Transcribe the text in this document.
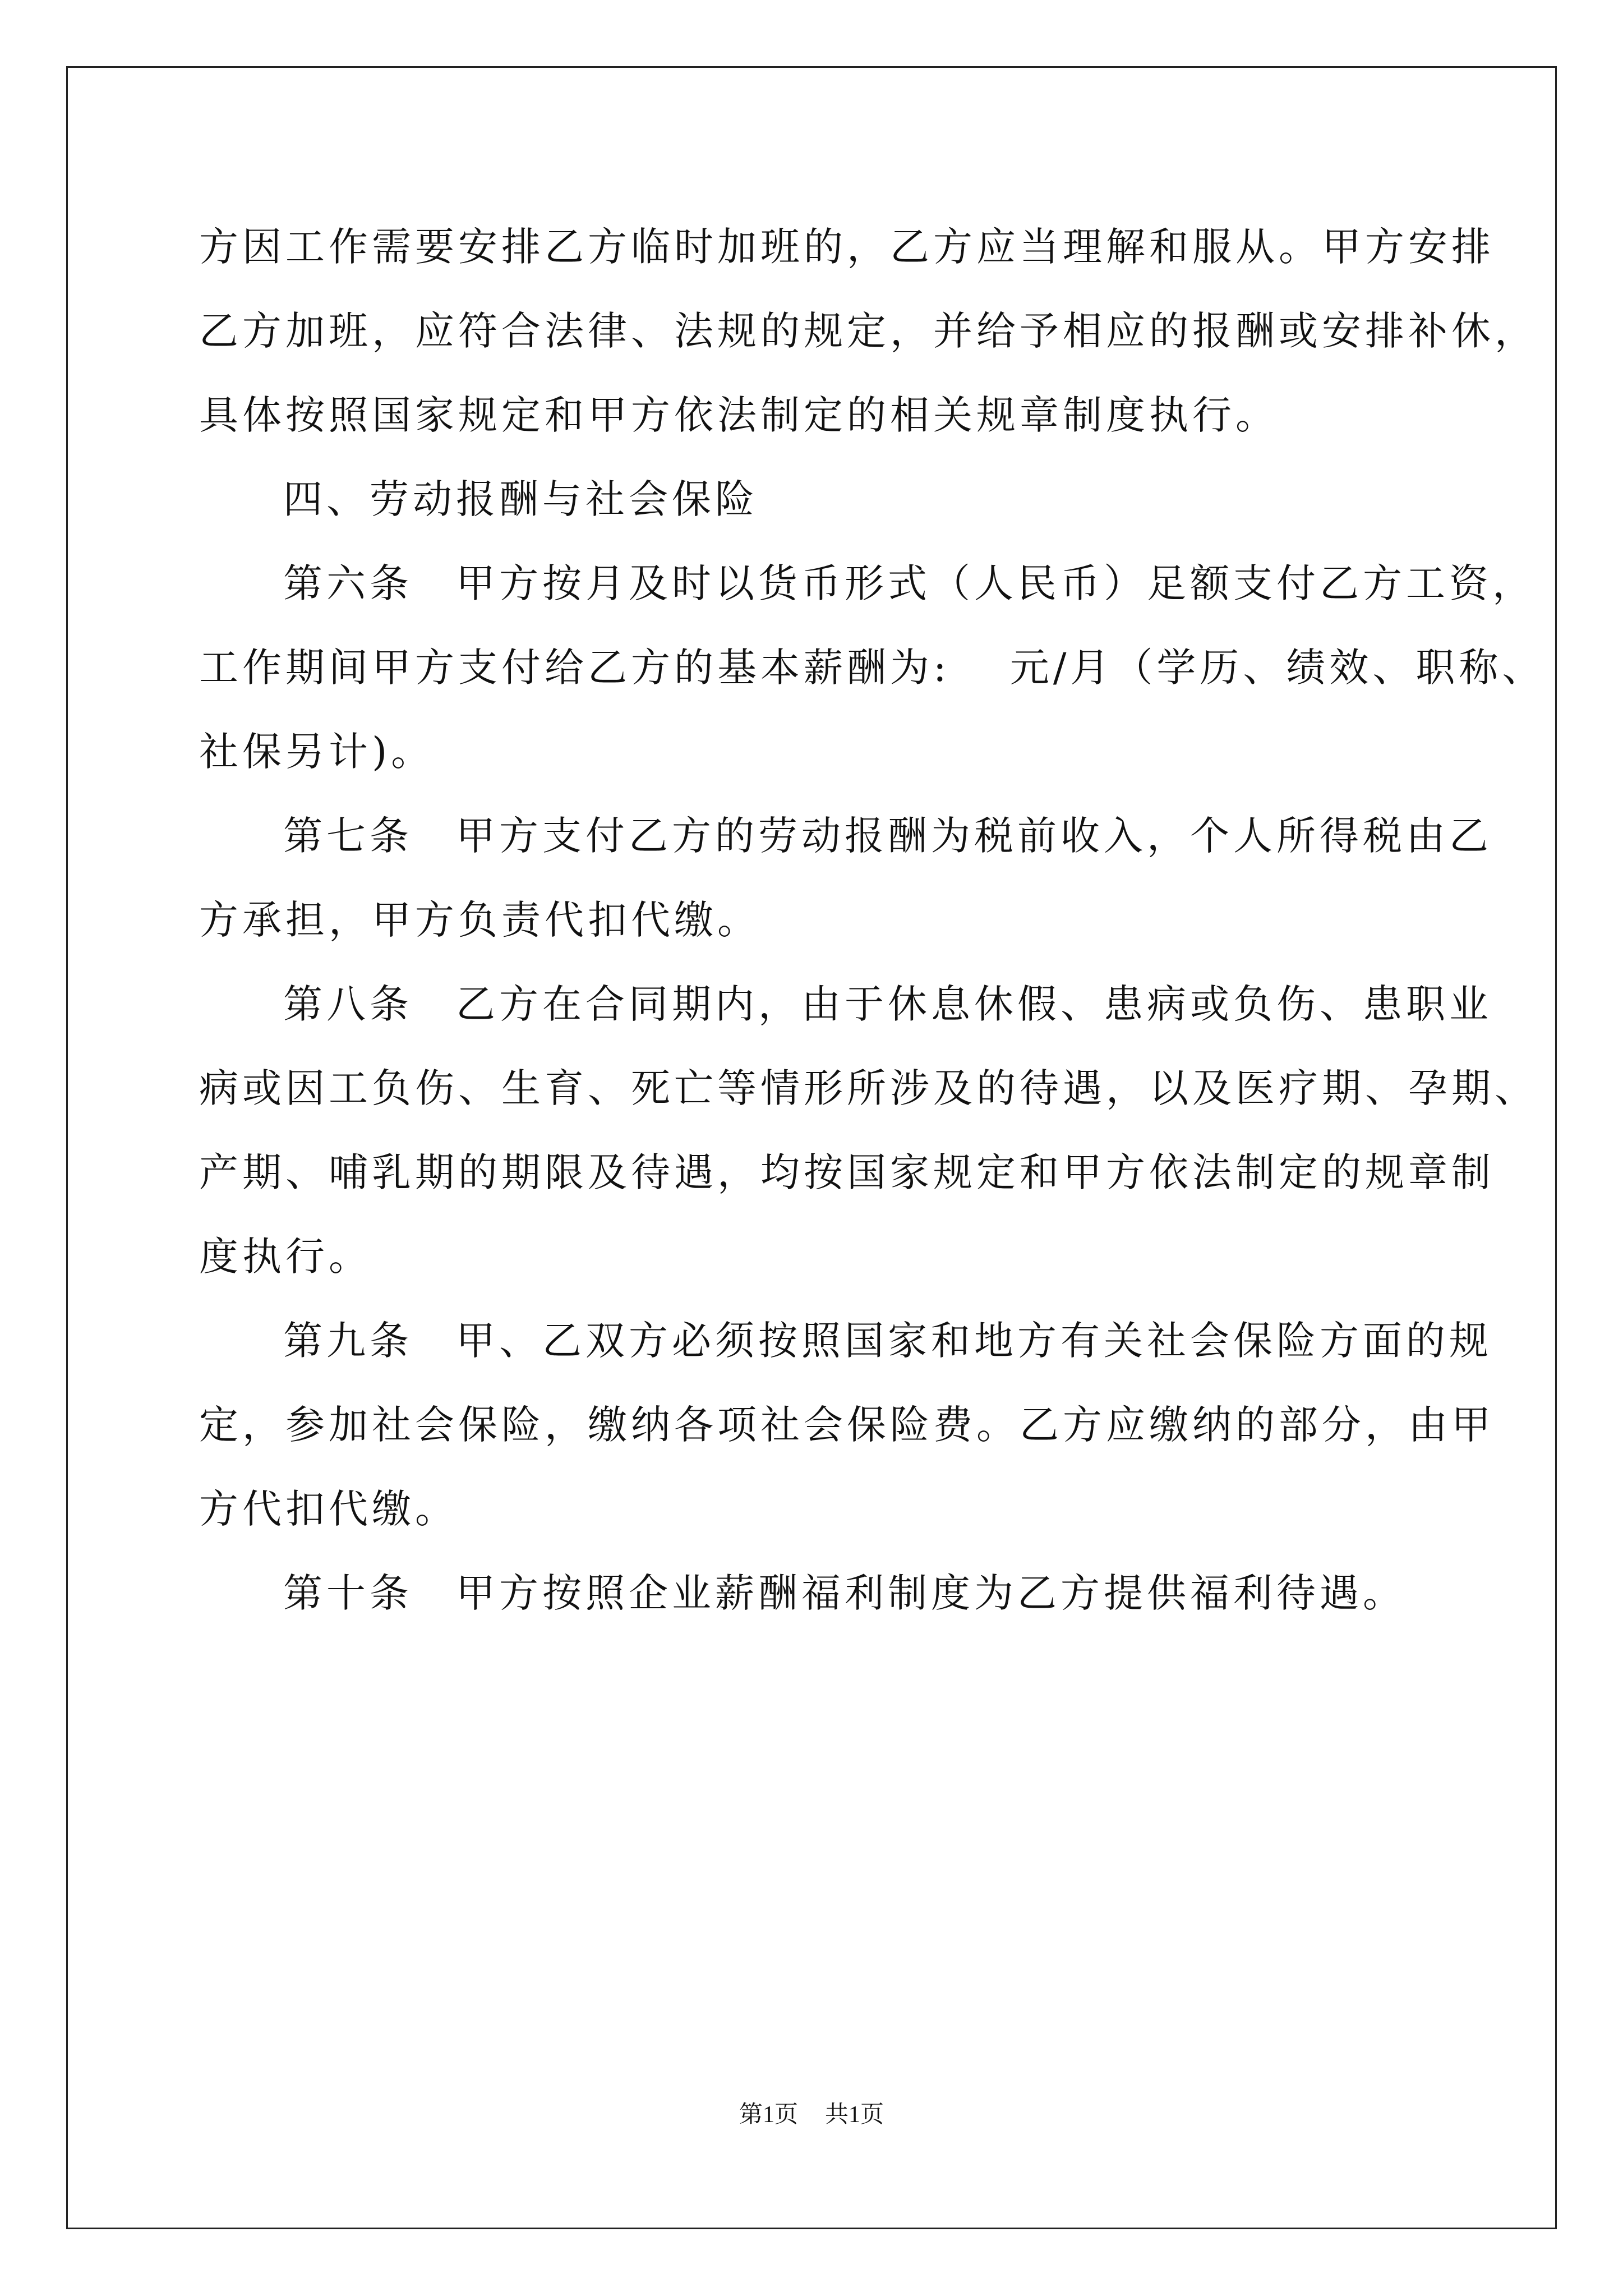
方因工作需要安排乙方临时加班的，乙方应当理解和服从。甲方安排
乙方加班，应符合法律、法规的规定，并给予相应的报酬或安排补休，
具体按照国家规定和甲方依法制定的相关规章制度执行。
四、劳动报酬与社会保险
第六条　甲方按月及时以货币形式（人民币）足额支付乙方工资，
工作期间甲方支付给乙方的基本薪酬为:　 元/月（学历、绩效、职称、
社保另计)。
第七条　甲方支付乙方的劳动报酬为税前收入，个人所得税由乙
方承担，甲方负责代扣代缴。
第八条　乙方在合同期内，由于休息休假、患病或负伤、患职业
病或因工负伤、生育、死亡等情形所涉及的待遇，以及医疗期、孕期、
产期、哺乳期的期限及待遇，均按国家规定和甲方依法制定的规章制
度执行。
第九条　甲、乙双方必须按照国家和地方有关社会保险方面的规
定，参加社会保险，缴纳各项社会保险费。乙方应缴纳的部分，由甲
方代扣代缴。
第十条　甲方按照企业薪酬福利制度为乙方提供福利待遇。
第1页 共1页
